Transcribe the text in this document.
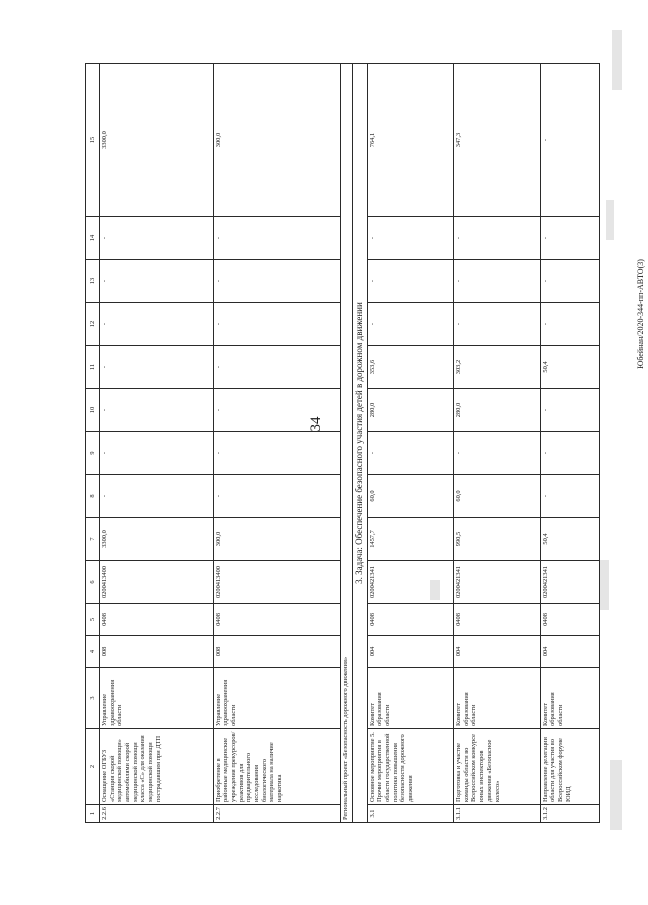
34
Юбейнан/2020-344-пп-АВТО(3)
1	2	3	4	5	6	7	8	9	10	11	12	13	14	15
2.2.6	Оснащение ОГБУЗ «Станция скорой медицинской помощи» автомобилями скорой медицинской помощи класса «С» для оказания медицинской помощи пострадавшим при ДТП	Управление здравоохранения области	008	0408	0200413400	3300,0	-	-	-	-	-	-	-	3300,0
2.2.7	Приобретение в районные медицинские учреждения прекурсоров/реактивов для предварительного исследования биологического материала на наличие наркотика	Управление здравоохранения области	008	0408	0200413400	300,0	-	-	-	-	-	-	-	300,0
Региональный проект «Безопасность дорожного движения»														
3. Задача: Обеспечение безопасного участия детей в дорожном движении														
3.1	Основное мероприятие 5. Прочие мероприятия в области государственной политики повышения безопасности дорожного движения	Комитет образования области	004	0408	0200421341	1457,7	60,0	-	280,0	353,6	-	-	-	764,1
3.1.1	Подготовка и участие команды области во Всероссийском конкурсе юных инспекторов движения «Безопасное колесо»	Комитет образования области	004	0408	0200421341	990,5	60,0	-	280,0	303,2	-	-	-	347,3
3.1.2	Направление делегации области для участия во Всероссийском форуме ЮИД	Комитет образования области	004	0408	0200421341	50,4	-	-	-	50,4	-	-	-	-
